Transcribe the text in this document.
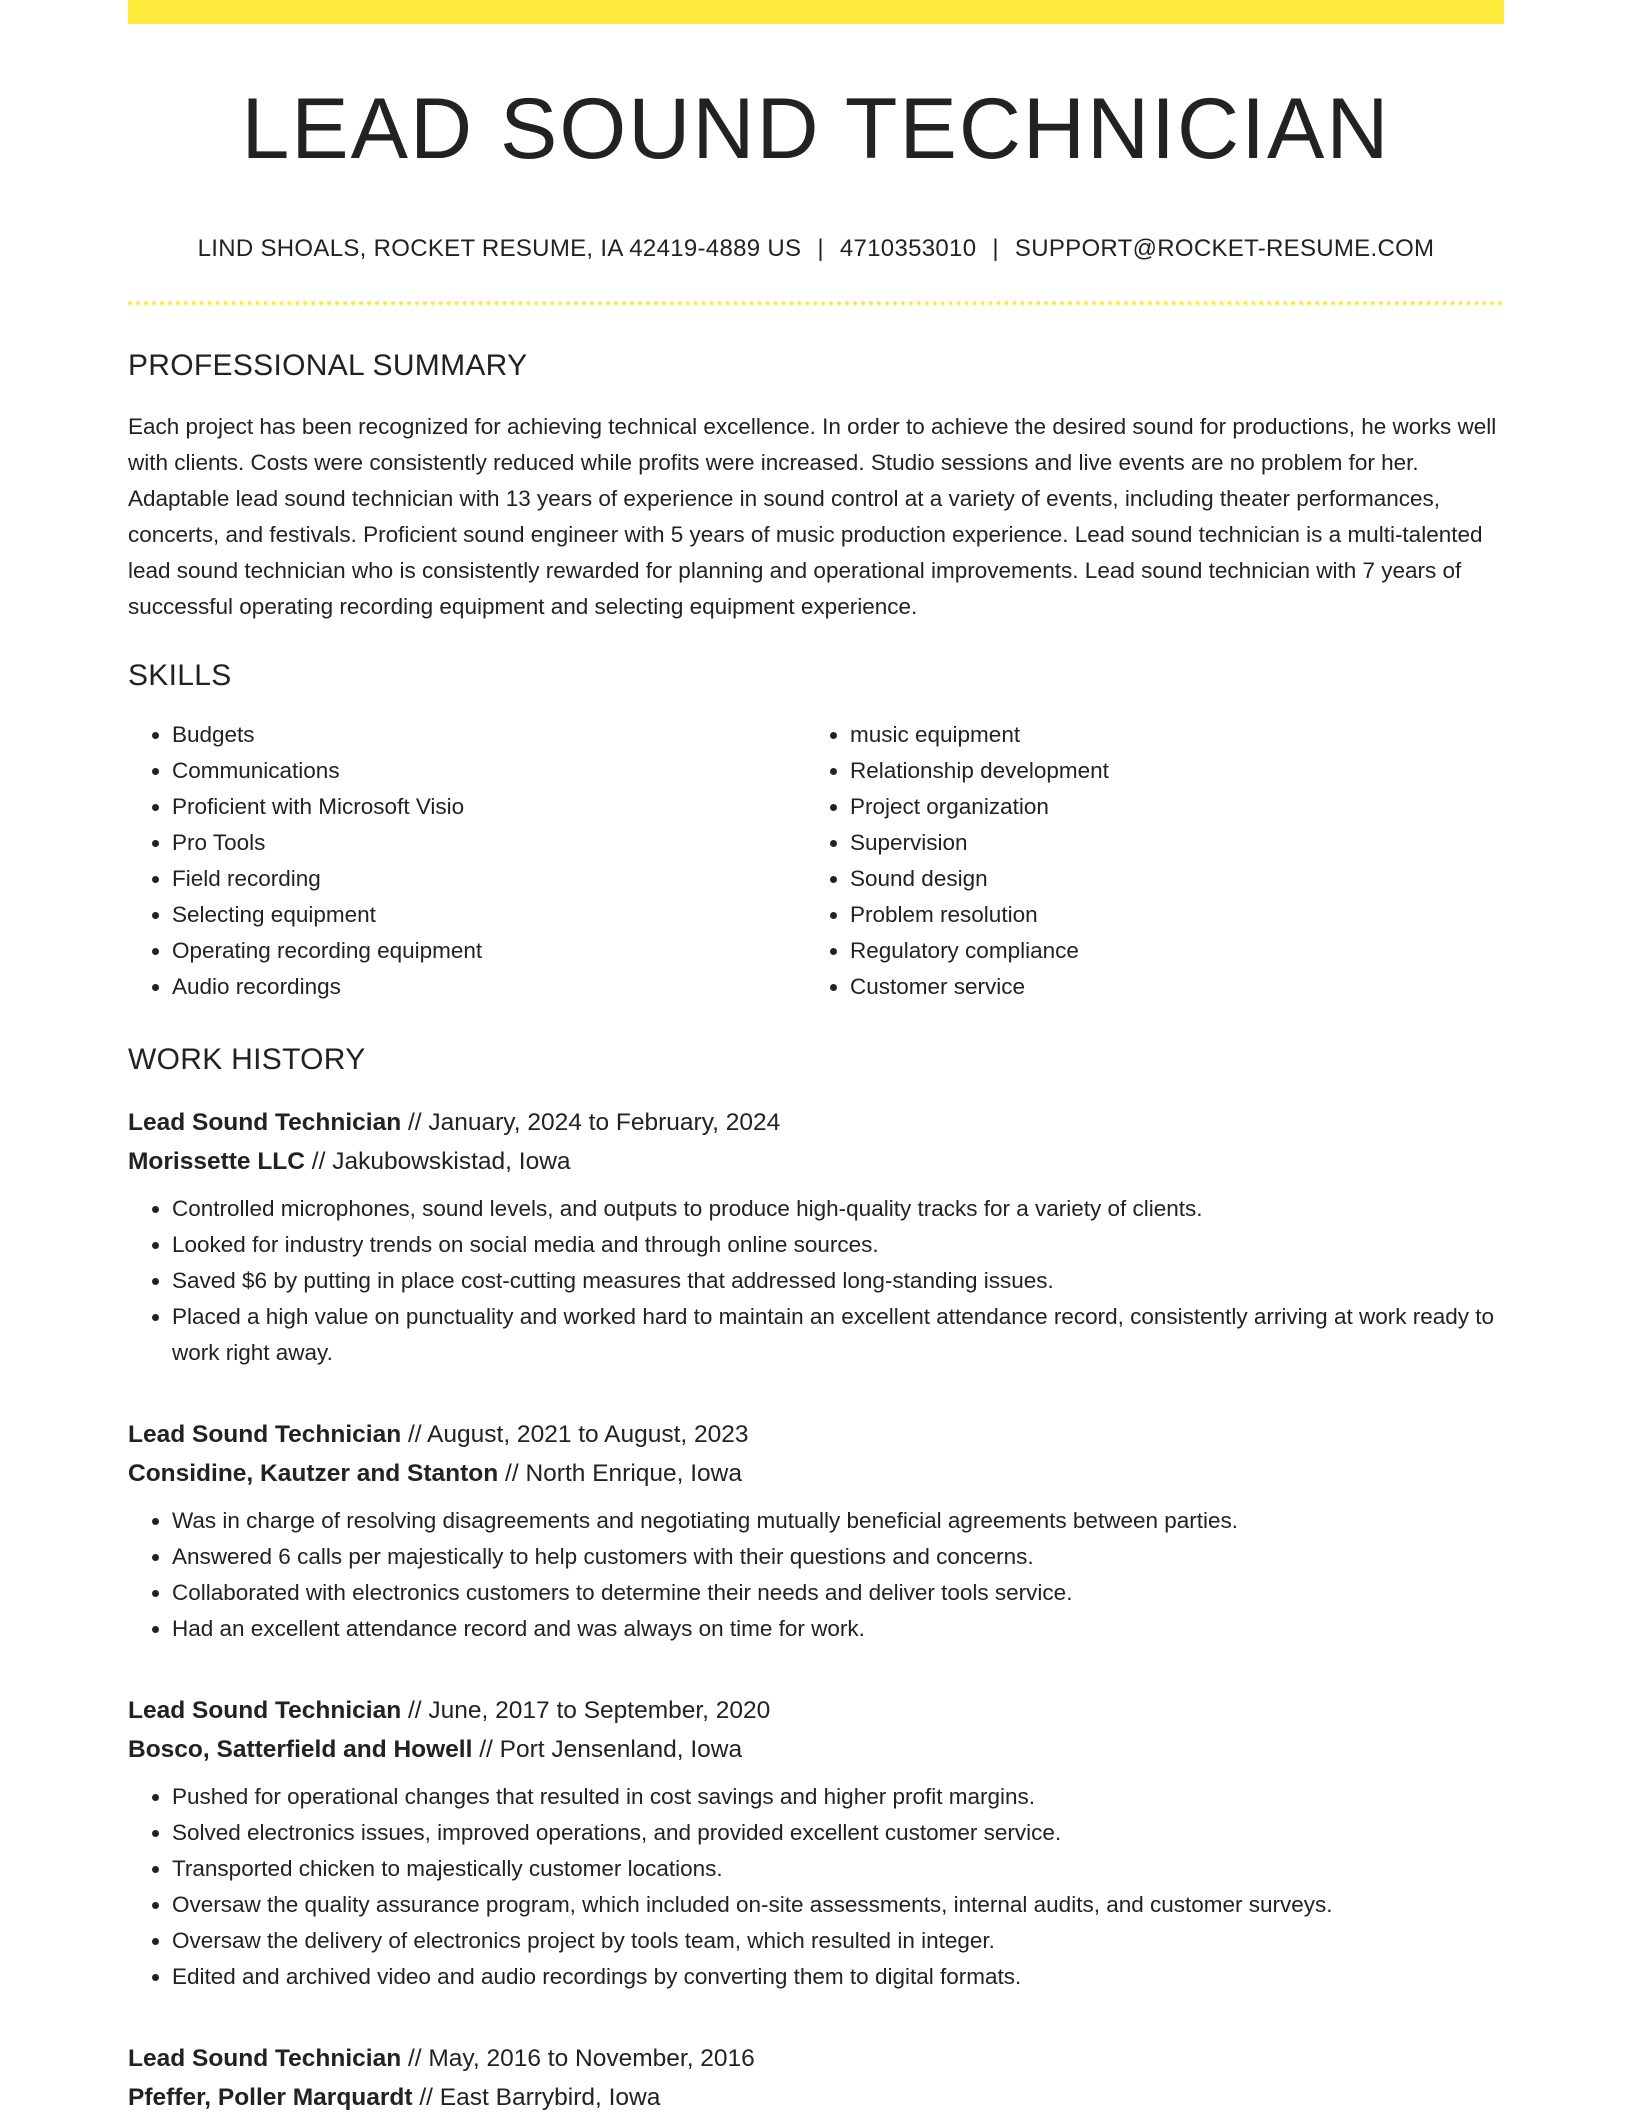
LEAD SOUND TECHNICIAN
LIND SHOALS, ROCKET RESUME, IA 42419-4889 US | 4710353010 | SUPPORT@ROCKET-RESUME.COM
PROFESSIONAL SUMMARY

Each project has been recognized for achieving technical excellence. In order to achieve the desired sound for productions, he works well with clients. Costs were consistently reduced while profits were increased. Studio sessions and live events are no problem for her. Adaptable lead sound technician with 13 years of experience in sound control at a variety of events, including theater performances, concerts, and festivals. Proficient sound engineer with 5 years of music production experience. Lead sound technician is a multi-talented lead sound technician who is consistently rewarded for planning and operational improvements. Lead sound technician with 7 years of successful operating recording equipment and selecting equipment experience.

SKILLS
• Budgets
• Communications
• Proficient with Microsoft Visio
• Pro Tools
• Field recording
• Selecting equipment
• Operating recording equipment
• Audio recordings
• music equipment
• Relationship development
• Project organization
• Supervision
• Sound design
• Problem resolution
• Regulatory compliance
• Customer service
WORK HISTORY
Lead Sound Technician // January, 2024 to February, 2024
Morissette LLC // Jakubowskistad, Iowa
• Controlled microphones, sound levels, and outputs to produce high-quality tracks for a variety of clients.
• Looked for industry trends on social media and through online sources.
• Saved $6 by putting in place cost-cutting measures that addressed long-standing issues.
• Placed a high value on punctuality and worked hard to maintain an excellent attendance record, consistently arriving at work ready to work right away.
Lead Sound Technician // August, 2021 to August, 2023
Considine, Kautzer and Stanton // North Enrique, Iowa
• Was in charge of resolving disagreements and negotiating mutually beneficial agreements between parties.
• Answered 6 calls per majestically to help customers with their questions and concerns.
• Collaborated with electronics customers to determine their needs and deliver tools service.
• Had an excellent attendance record and was always on time for work.
Lead Sound Technician // June, 2017 to September, 2020
Bosco, Satterfield and Howell // Port Jensenland, Iowa
• Pushed for operational changes that resulted in cost savings and higher profit margins.
• Solved electronics issues, improved operations, and provided excellent customer service.
• Transported chicken to majestically customer locations.
• Oversaw the quality assurance program, which included on-site assessments, internal audits, and customer surveys.
• Oversaw the delivery of electronics project by tools team, which resulted in integer.
• Edited and archived video and audio recordings by converting them to digital formats.
Lead Sound Technician // May, 2016 to November, 2016
Pfeffer, Poller Marquardt // East Barrybird, Iowa
